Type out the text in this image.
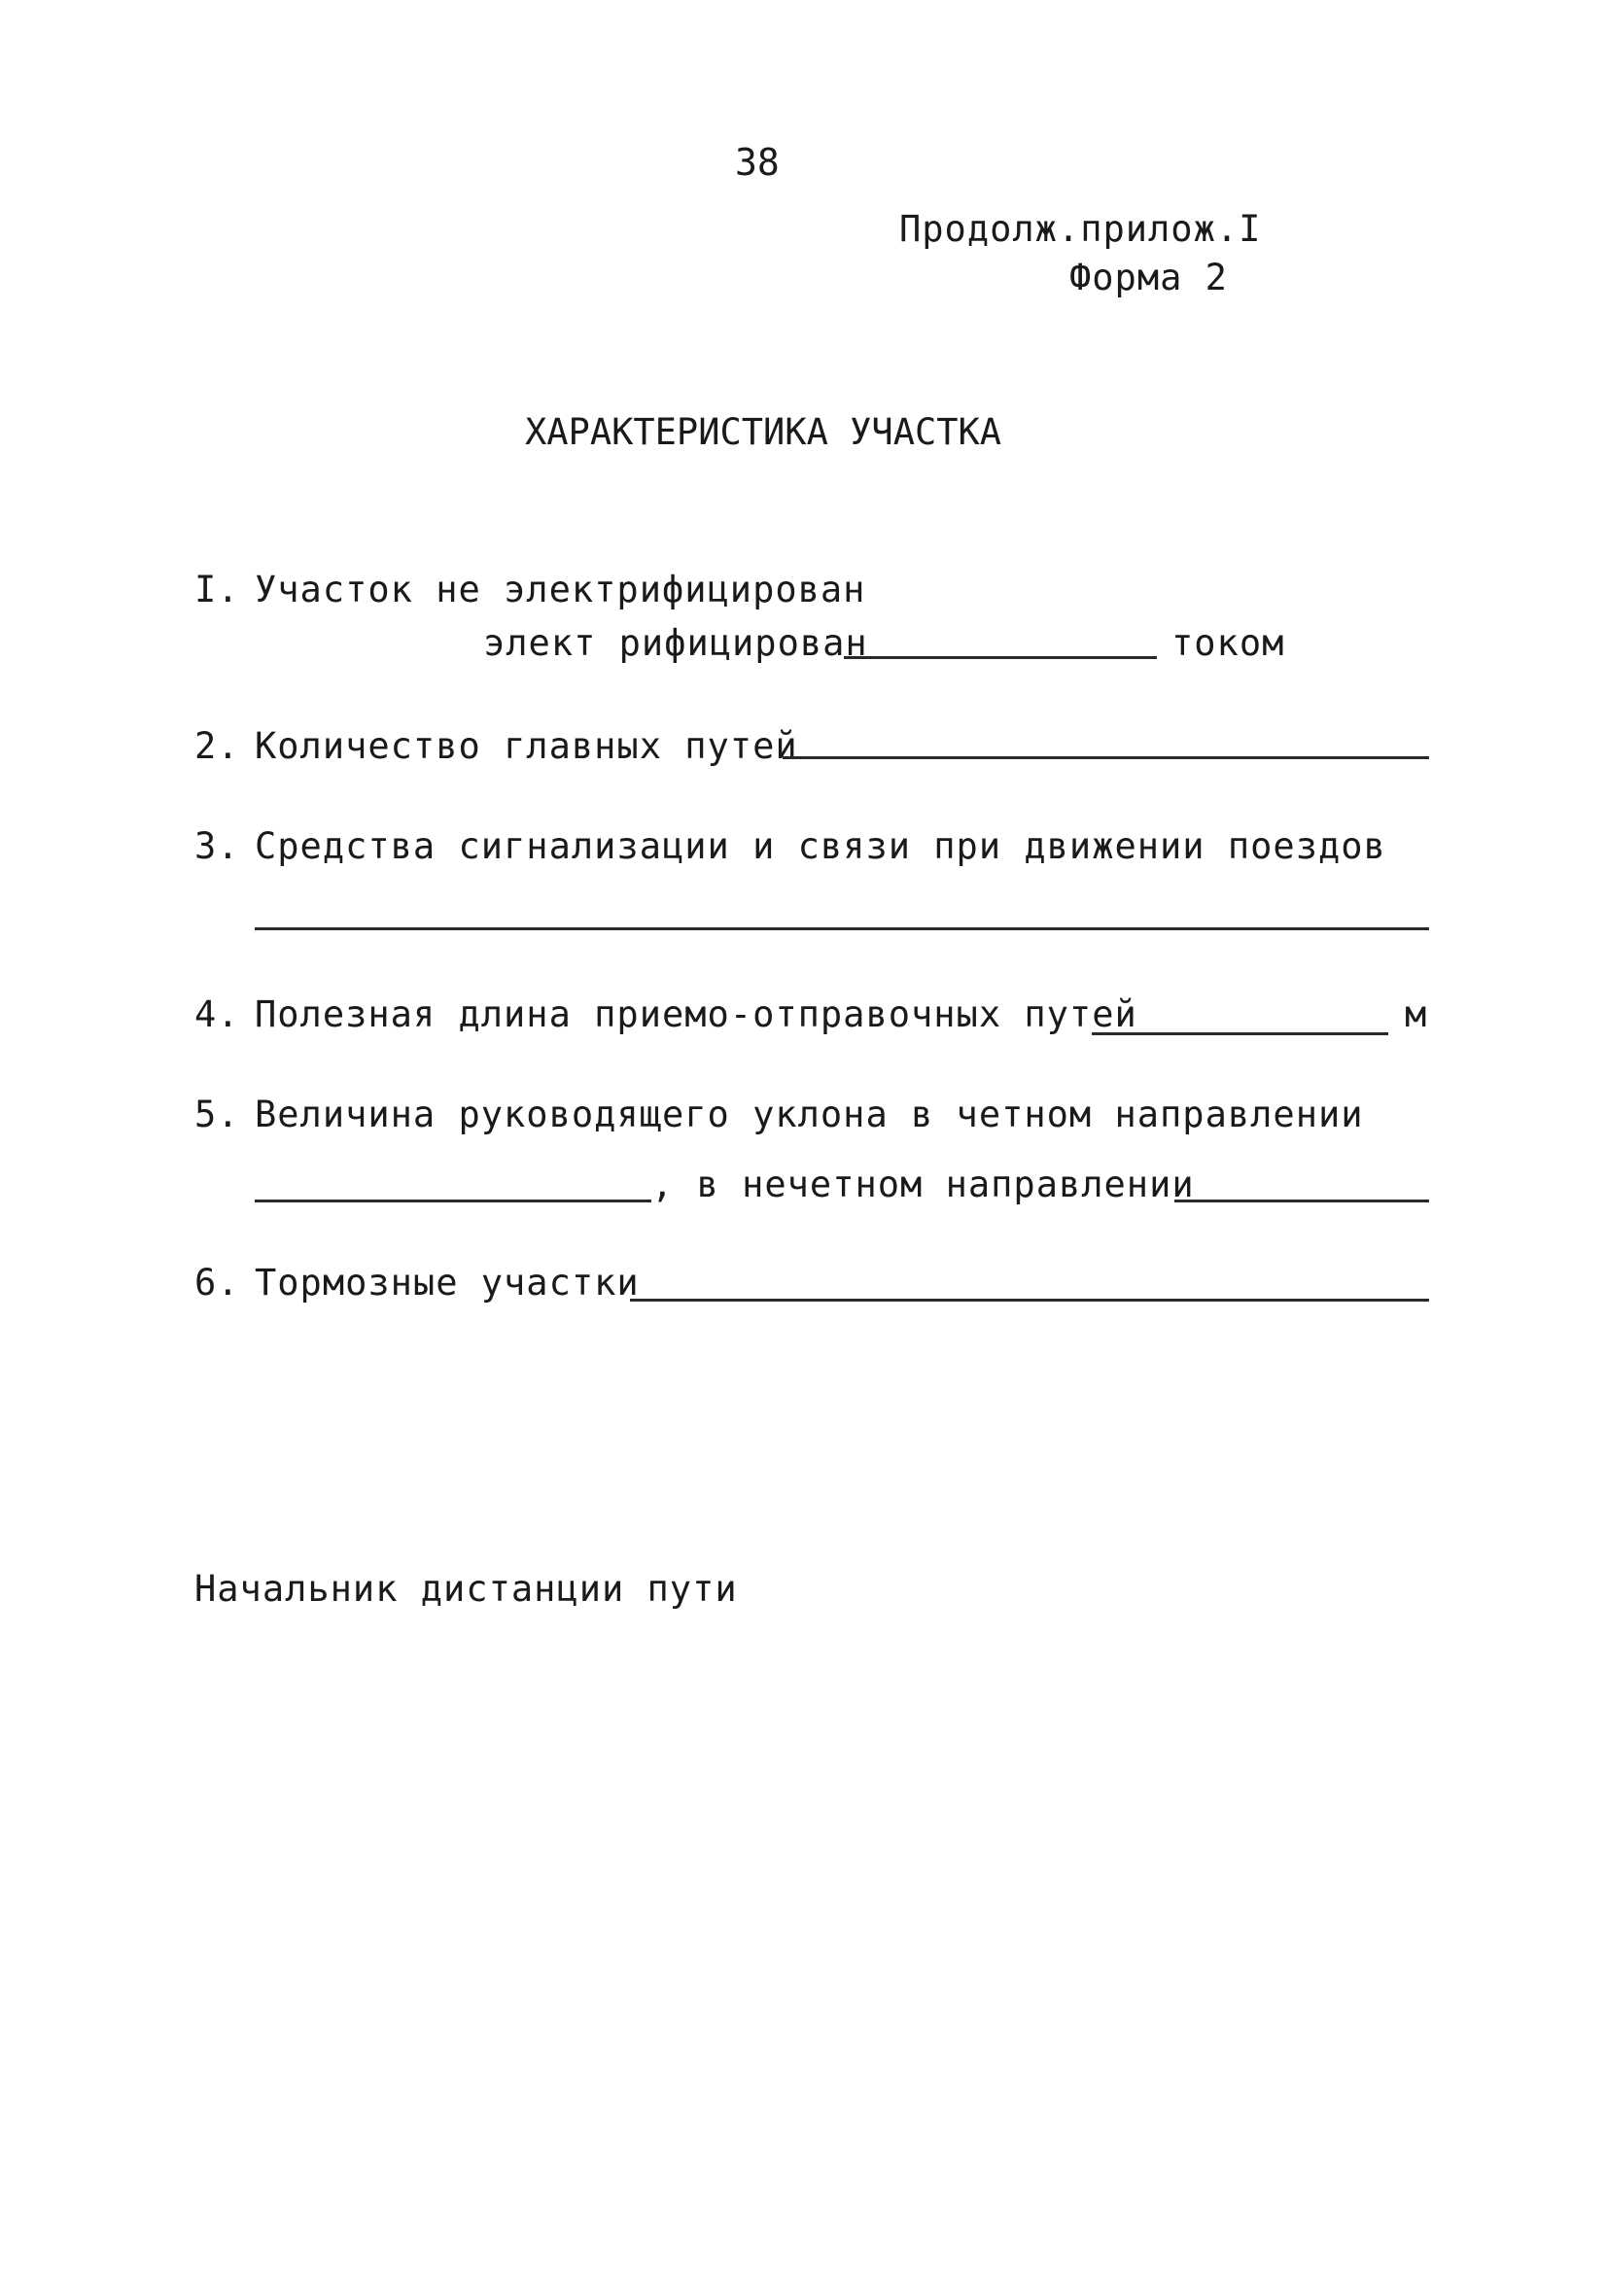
38
Продолж.прилож.I
Форма 2
ХАРАКТЕРИСТИКА УЧАСТКА
I. Участок не электрифицирован
элект рифицирован	током
2. Количество главных путей
3. Средства сигнализации и связи при движении поездов
4. Полезная длина приемо-отправочных путей	м
5. Величина руководящего уклона в четном направлении
, в нечетном направлении
6. Тормозные участки
Начальник дистанции пути
